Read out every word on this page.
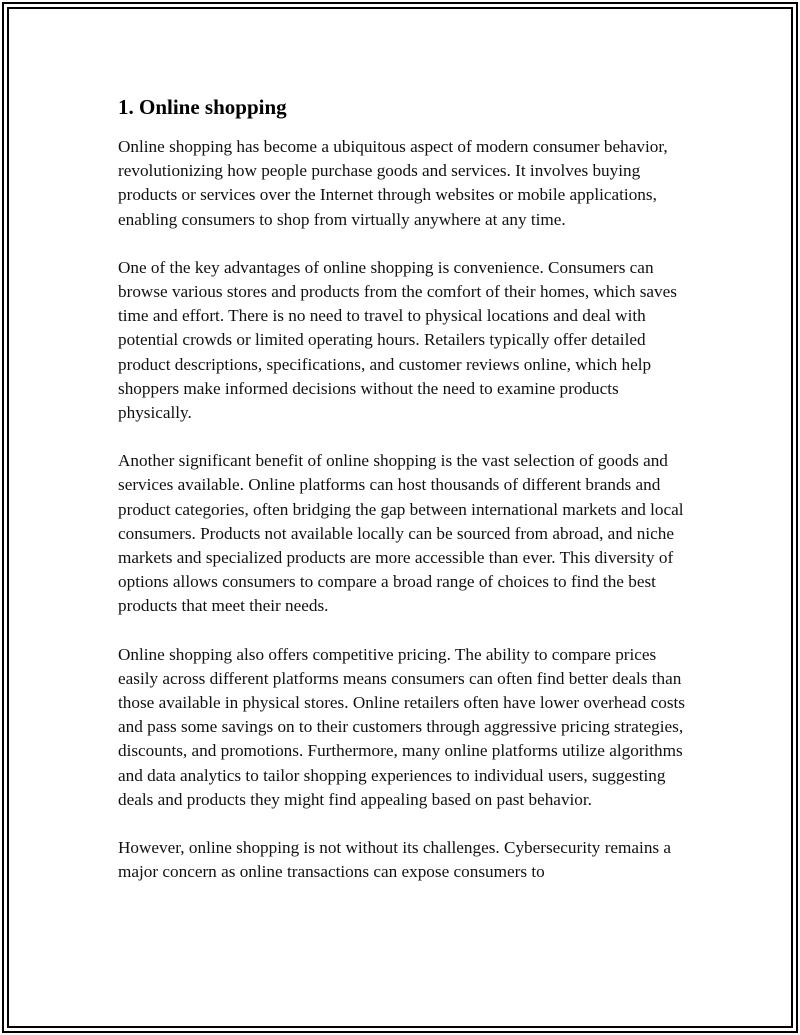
1. Online shopping

Online shopping has become a ubiquitous aspect of modern consumer behavior, revolutionizing how people purchase goods and services. It involves buying products or services over the Internet through websites or mobile applications, enabling consumers to shop from virtually anywhere at any time.

One of the key advantages of online shopping is convenience. Consumers can browse various stores and products from the comfort of their homes, which saves time and effort. There is no need to travel to physical locations and deal with potential crowds or limited operating hours. Retailers typically offer detailed product descriptions, specifications, and customer reviews online, which help shoppers make informed decisions without the need to examine products physically.

Another significant benefit of online shopping is the vast selection of goods and services available. Online platforms can host thousands of different brands and product categories, often bridging the gap between international markets and local consumers. Products not available locally can be sourced from abroad, and niche markets and specialized products are more accessible than ever. This diversity of options allows consumers to compare a broad range of choices to find the best products that meet their needs.

Online shopping also offers competitive pricing. The ability to compare prices easily across different platforms means consumers can often find better deals than those available in physical stores. Online retailers often have lower overhead costs and pass some savings on to their customers through aggressive pricing strategies, discounts, and promotions. Furthermore, many online platforms utilize algorithms and data analytics to tailor shopping experiences to individual users, suggesting deals and products they might find appealing based on past behavior.

However, online shopping is not without its challenges. Cybersecurity remains a major concern as online transactions can expose consumers to
